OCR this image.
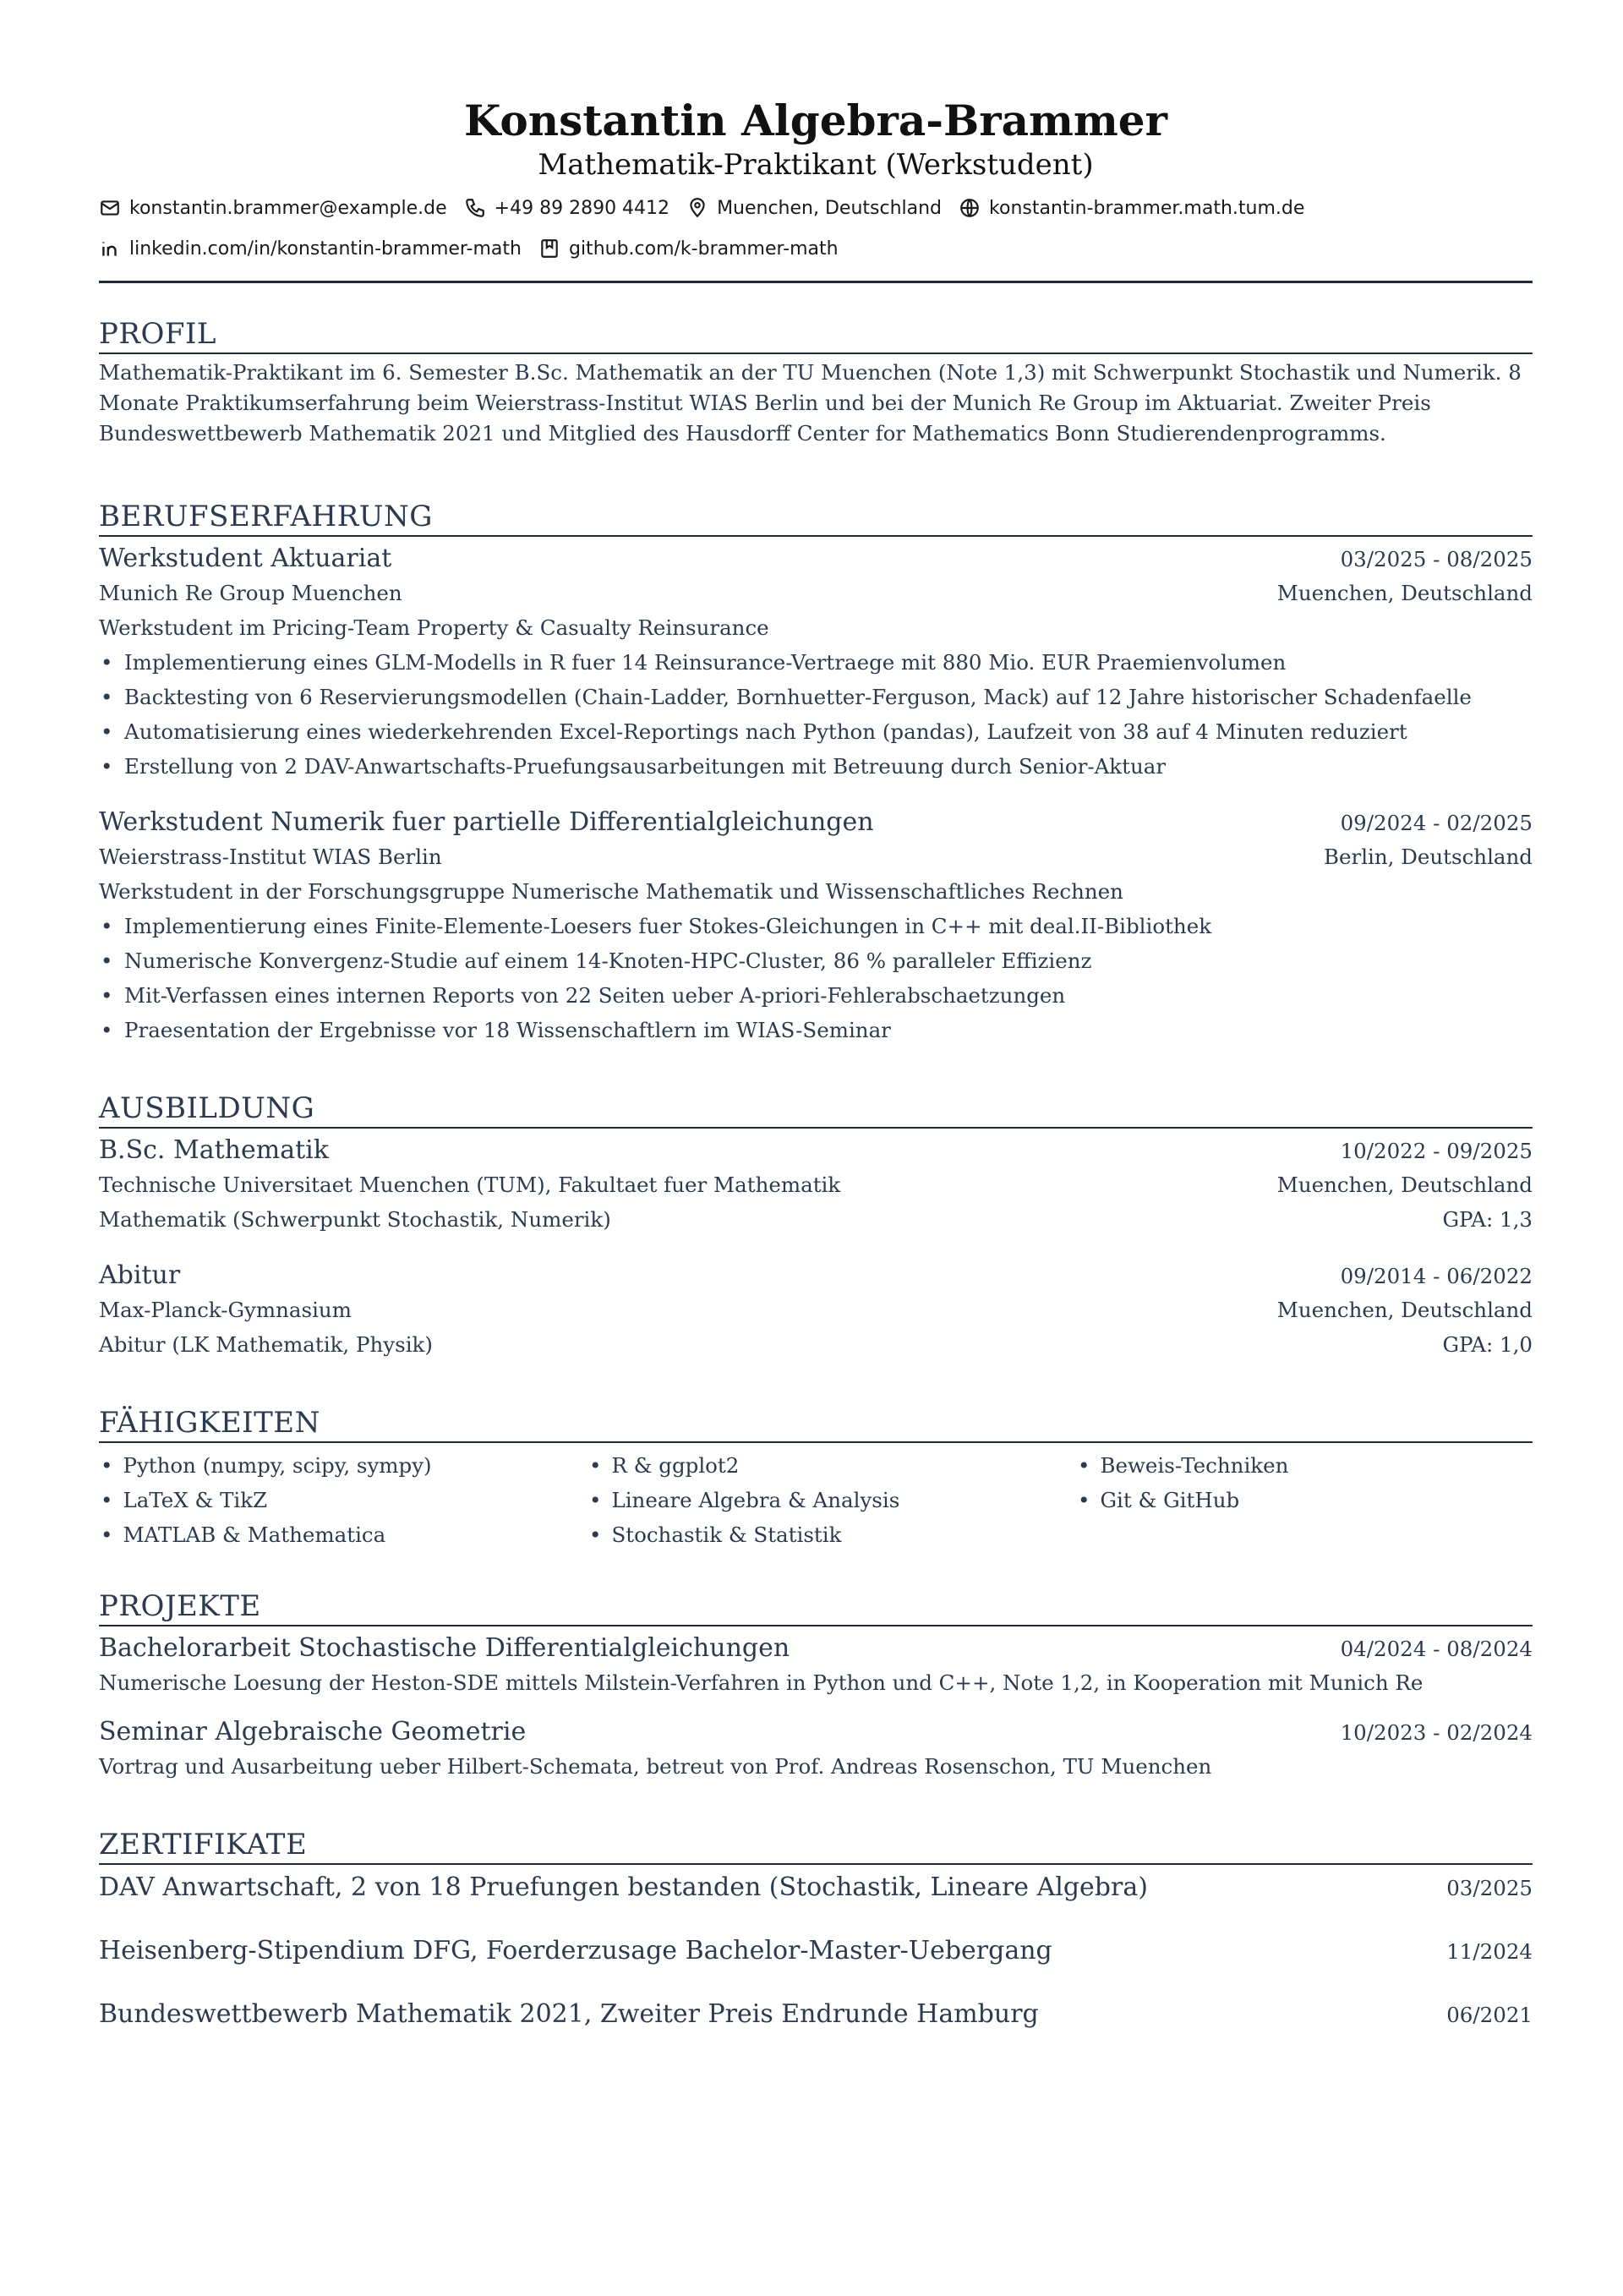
Konstantin Algebra-Brammer
Mathematik-Praktikant (Werkstudent)
konstantin.brammer@example.de	+49 89 2890 4412	Muenchen, Deutschland	konstantin-brammer.math.tum.de
linkedin.com/in/konstantin-brammer-math	github.com/k-brammer-math
PROFIL
Mathematik-Praktikant im 6. Semester B.Sc. Mathematik an der TU Muenchen (Note 1,3) mit Schwerpunkt Stochastik und Numerik. 8 Monate Praktikumserfahrung beim Weierstrass-Institut WIAS Berlin und bei der Munich Re Group im Aktuariat. Zweiter Preis Bundeswettbewerb Mathematik 2021 und Mitglied des Hausdorff Center for Mathematics Bonn Studierendenprogramms.
BERUFSERFAHRUNG
Werkstudent Aktuariat	03/2025 - 08/2025
Munich Re Group Muenchen	Muenchen, Deutschland
Werkstudent im Pricing-Team Property & Casualty Reinsurance
• Implementierung eines GLM-Modells in R fuer 14 Reinsurance-Vertraege mit 880 Mio. EUR Praemienvolumen
• Backtesting von 6 Reservierungsmodellen (Chain-Ladder, Bornhuetter-Ferguson, Mack) auf 12 Jahre historischer Schadenfaelle
• Automatisierung eines wiederkehrenden Excel-Reportings nach Python (pandas), Laufzeit von 38 auf 4 Minuten reduziert
• Erstellung von 2 DAV-Anwartschafts-Pruefungsausarbeitungen mit Betreuung durch Senior-Aktuar
Werkstudent Numerik fuer partielle Differentialgleichungen	09/2024 - 02/2025
Weierstrass-Institut WIAS Berlin	Berlin, Deutschland
Werkstudent in der Forschungsgruppe Numerische Mathematik und Wissenschaftliches Rechnen
• Implementierung eines Finite-Elemente-Loesers fuer Stokes-Gleichungen in C++ mit deal.II-Bibliothek
• Numerische Konvergenz-Studie auf einem 14-Knoten-HPC-Cluster, 86 % paralleler Effizienz
• Mit-Verfassen eines internen Reports von 22 Seiten ueber A-priori-Fehlerabschaetzungen
• Praesentation der Ergebnisse vor 18 Wissenschaftlern im WIAS-Seminar
AUSBILDUNG
B.Sc. Mathematik	10/2022 - 09/2025
Technische Universitaet Muenchen (TUM), Fakultaet fuer Mathematik	Muenchen, Deutschland
Mathematik (Schwerpunkt Stochastik, Numerik)	GPA: 1,3
Abitur	09/2014 - 06/2022
Max-Planck-Gymnasium	Muenchen, Deutschland
Abitur (LK Mathematik, Physik)	GPA: 1,0
FÄHIGKEITEN
• Python (numpy, scipy, sympy)	• R & ggplot2	• Beweis-Techniken
• LaTeX & TikZ	• Lineare Algebra & Analysis	• Git & GitHub
• MATLAB & Mathematica	• Stochastik & Statistik
PROJEKTE
Bachelorarbeit Stochastische Differentialgleichungen	04/2024 - 08/2024
Numerische Loesung der Heston-SDE mittels Milstein-Verfahren in Python und C++, Note 1,2, in Kooperation mit Munich Re
Seminar Algebraische Geometrie	10/2023 - 02/2024
Vortrag und Ausarbeitung ueber Hilbert-Schemata, betreut von Prof. Andreas Rosenschon, TU Muenchen
ZERTIFIKATE
DAV Anwartschaft, 2 von 18 Pruefungen bestanden (Stochastik, Lineare Algebra)	03/2025
Heisenberg-Stipendium DFG, Foerderzusage Bachelor-Master-Uebergang	11/2024
Bundeswettbewerb Mathematik 2021, Zweiter Preis Endrunde Hamburg	06/2021
